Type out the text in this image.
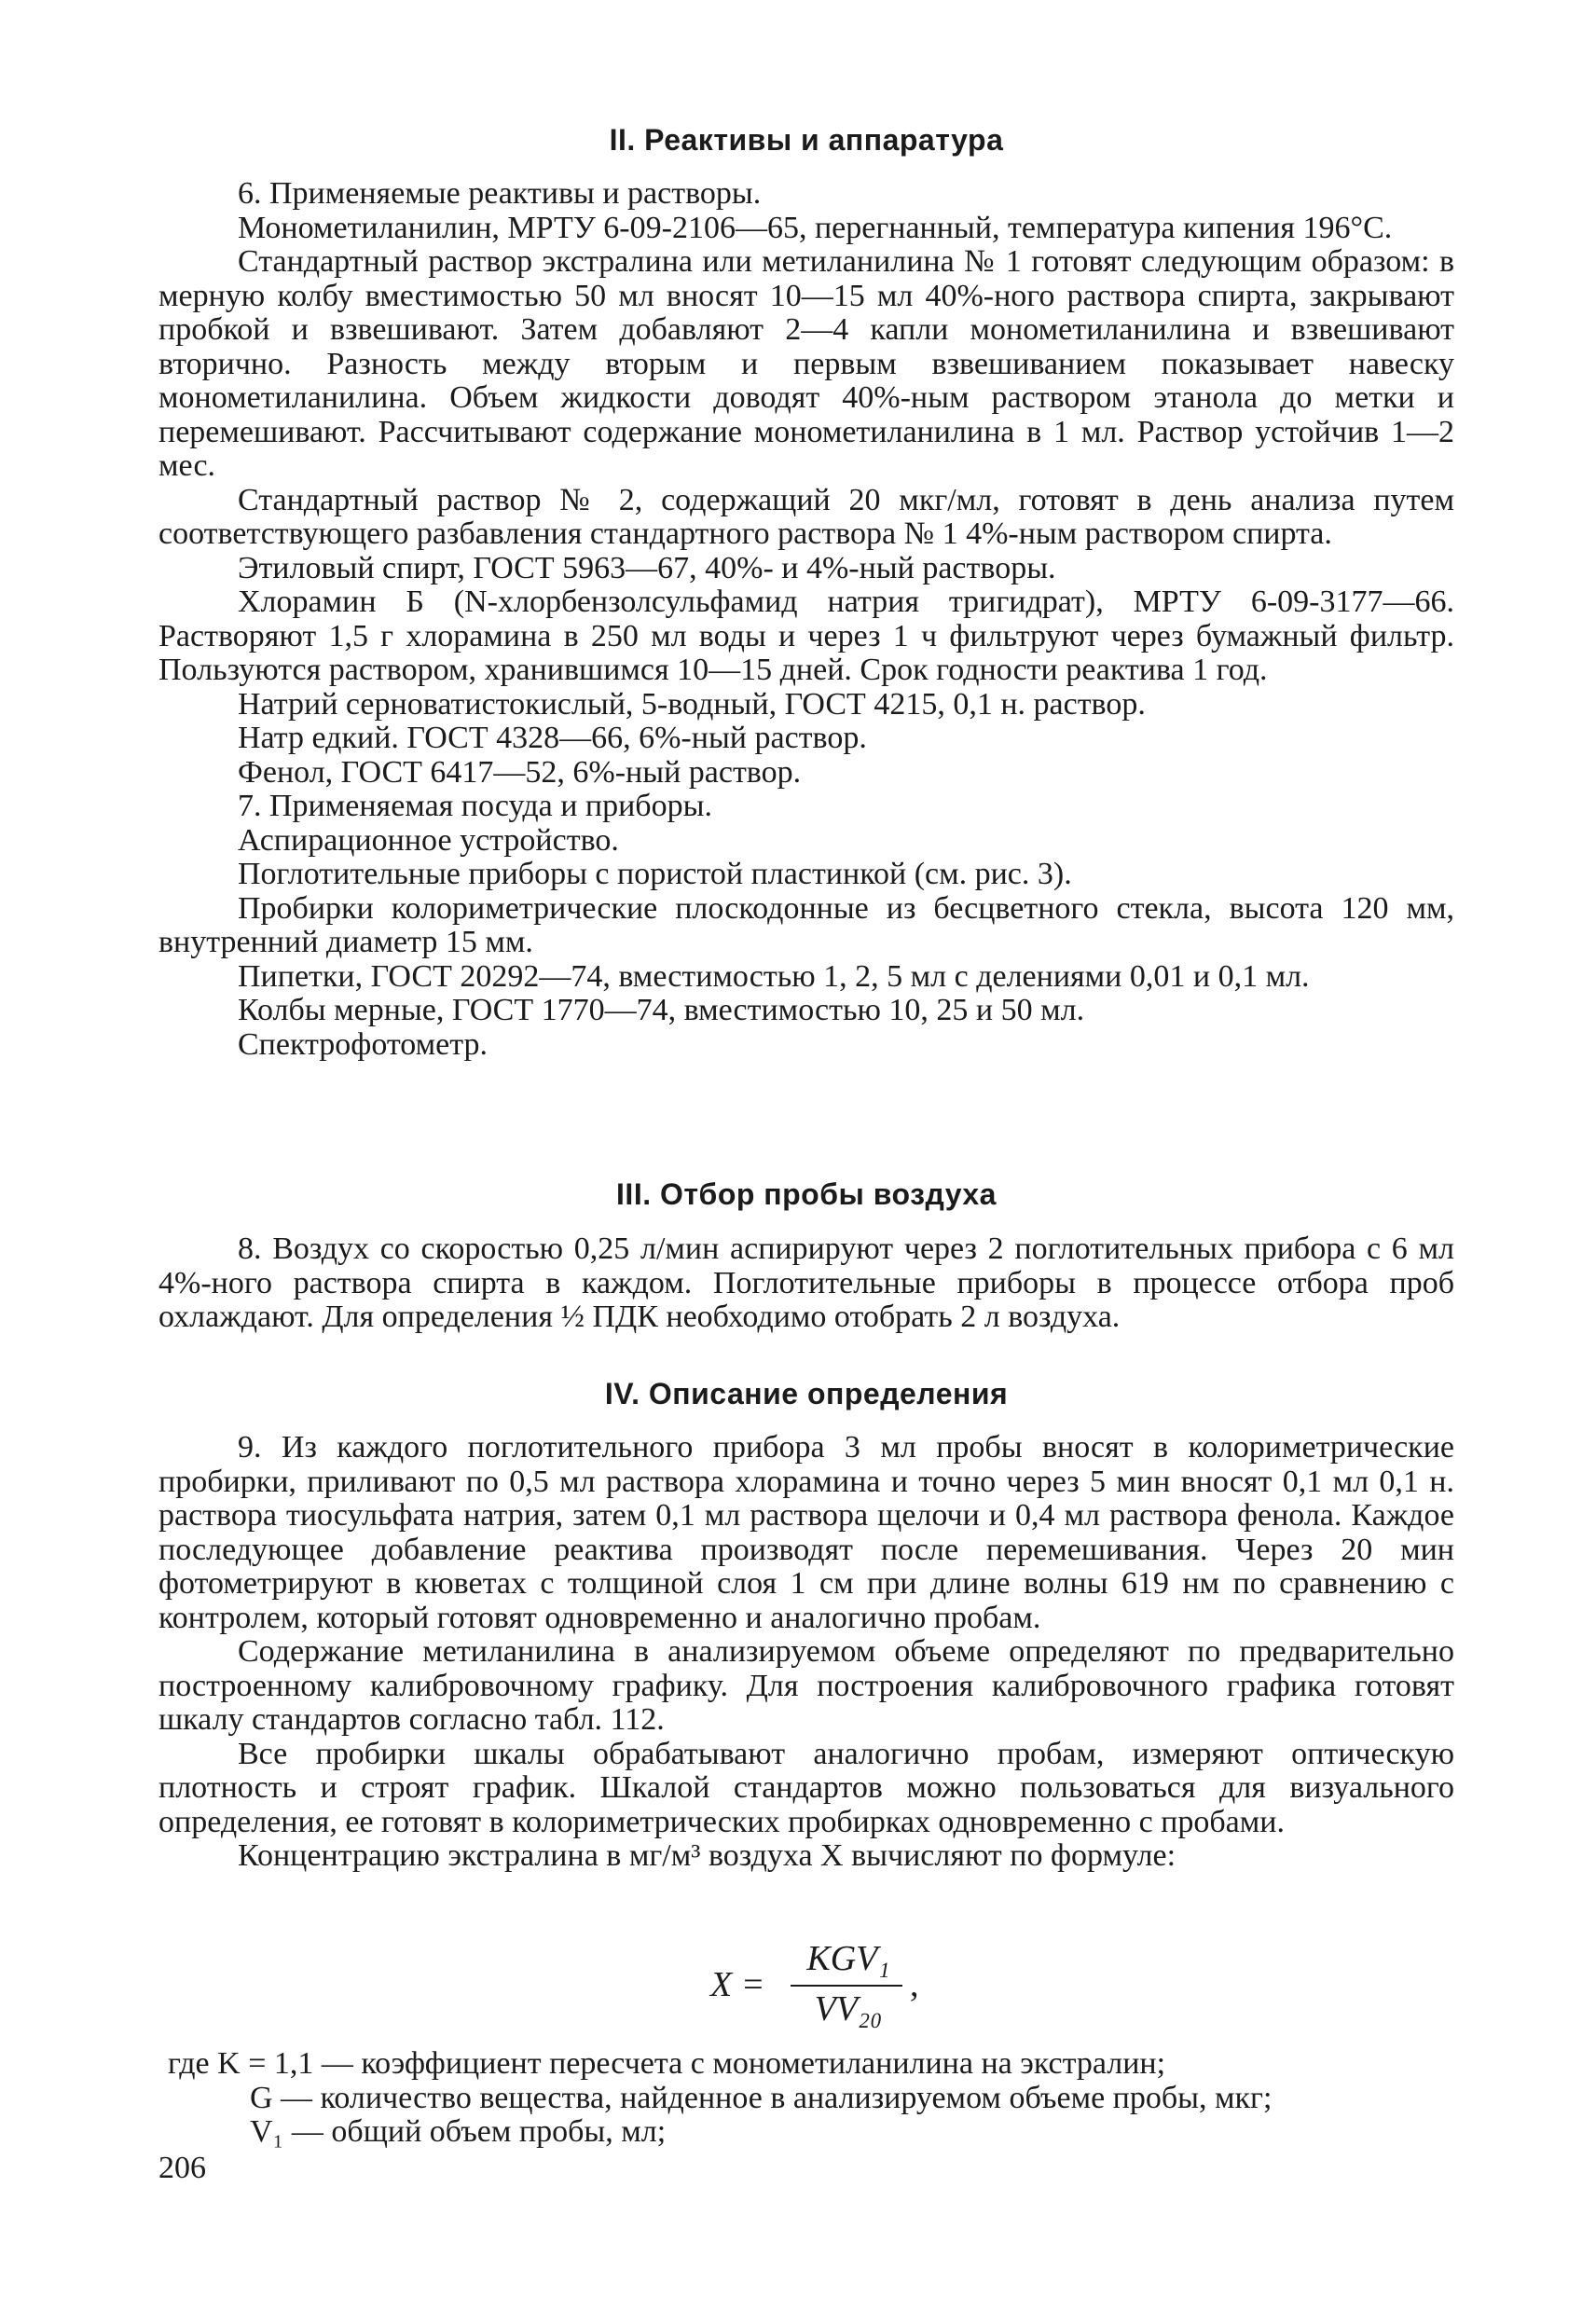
II. Реактивы и аппаратура

6. Применяемые реактивы и растворы.

Монометиланилин, МРТУ 6-09-2106—65, перегнанный, температура кипения 196°С.

Стандартный раствор экстралина или метиланилина № 1 готовят следующим образом: в мерную колбу вместимостью 50 мл вносят 10—15 мл 40%-ного раствора спирта, закрывают пробкой и взвешивают. Затем добавляют 2—4 капли монометиланилина и взвешивают вторично. Разность между вторым и первым взвешиванием показывает навеску монометиланилина. Объем жидкости доводят 40%-ным раствором этанола до метки и перемешивают. Рассчитывают содержание монометиланилина в 1 мл. Раствор устойчив 1—2 мес.

Стандартный раствор № 2, содержащий 20 мкг/мл, готовят в день анализа путем соответствующего разбавления стандартного раствора № 1 4%-ным раствором спирта.

Этиловый спирт, ГОСТ 5963—67, 40%- и 4%-ный растворы.

Хлорамин Б (N-хлорбензолсульфамид натрия тригидрат), МРТУ 6-09-3177—66. Растворяют 1,5 г хлорамина в 250 мл воды и через 1 ч фильтруют через бумажный фильтр. Пользуются раствором, хранившимся 10—15 дней. Срок годности реактива 1 год.

Натрий серноватистокислый, 5-водный, ГОСТ 4215, 0,1 н. раствор.

Натр едкий. ГОСТ 4328—66, 6%-ный раствор.

Фенол, ГОСТ 6417—52, 6%-ный раствор.

7. Применяемая посуда и приборы.

Аспирационное устройство.

Поглотительные приборы с пористой пластинкой (см. рис. 3).

Пробирки колориметрические плоскодонные из бесцветного стекла, высота 120 мм, внутренний диаметр 15 мм.

Пипетки, ГОСТ 20292—74, вместимостью 1, 2, 5 мл с делениями 0,01 и 0,1 мл.

Колбы мерные, ГОСТ 1770—74, вместимостью 10, 25 и 50 мл.

Спектрофотометр.

III. Отбор пробы воздуха

8. Воздух со скоростью 0,25 л/мин аспирируют через 2 поглотительных прибора с 6 мл 4%-ного раствора спирта в каждом. Поглотительные приборы в процессе отбора проб охлаждают. Для определения ½ ПДК необходимо отобрать 2 л воздуха.

IV. Описание определения

9. Из каждого поглотительного прибора 3 мл пробы вносят в колориметрические пробирки, приливают по 0,5 мл раствора хлорамина и точно через 5 мин вносят 0,1 мл 0,1 н. раствора тиосульфата натрия, затем 0,1 мл раствора щелочи и 0,4 мл раствора фенола. Каждое последующее добавление реактива производят после перемешивания. Через 20 мин фотометрируют в кюветах с толщиной слоя 1 см при длине волны 619 нм по сравнению с контролем, который готовят одновременно и аналогично пробам.

Содержание метиланилина в анализируемом объеме определяют по предварительно построенному калибровочному графику. Для построения калибровочного графика готовят шкалу стандартов согласно табл. 112.

Все пробирки шкалы обрабатывают аналогично пробам, измеряют оптическую плотность и строят график. Шкалой стандартов можно пользоваться для визуального определения, ее готовят в колориметрических пробирках одновременно с пробами.

Концентрацию экстралина в мг/м³ воздуха X вычисляют по формуле:

X =
KGV₁
VV₂₀
,

где K = 1,1 — коэффициент пересчета с монометиланилина на экстралин;

G — количество вещества, найденное в анализируемом объеме пробы, мкг;

V₁ — общий объем пробы, мл;

206
